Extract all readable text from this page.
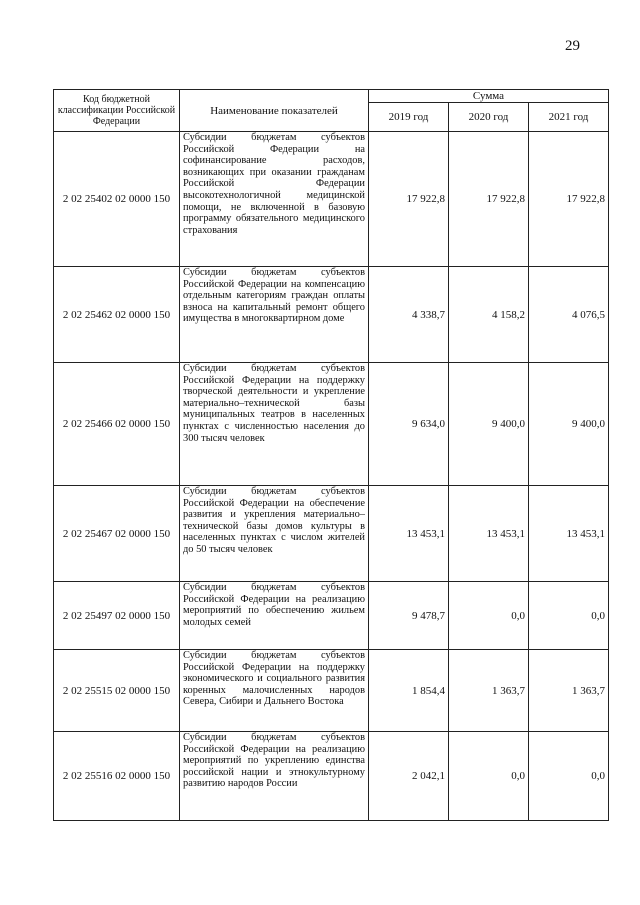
29
Код бюджетной классификации Российской Федерации	Наименование показателей	Сумма		
		2019 год	2020 год	2021 год
2 02 25402 02 0000 150	Субсидии бюджетам субъектов Российской Федерации на софинансирование расходов, возникающих при оказании гражданам Российской Федерации высокотехнологичной медицинской помощи, не включенной в базовую программу обязательного медицинского страхования	17 922,8	17 922,8	17 922,8
2 02 25462 02 0000 150	Субсидии бюджетам субъектов Российской Федерации на компенсацию отдельным категориям граждан оплаты взноса на капитальный ремонт общего имущества в многоквартирном доме	4 338,7	4 158,2	4 076,5
2 02 25466 02 0000 150	Субсидии бюджетам субъектов Российской Федерации на поддержку творческой деятельности и укрепление материально–технической базы муниципальных театров в населенных пунктах с численностью населения до 300 тысяч человек	9 634,0	9 400,0	9 400,0
2 02 25467 02 0000 150	Субсидии бюджетам субъектов Российской Федерации на обеспечение развития и укрепления материально–технической базы домов культуры в населенных пунктах с числом жителей до 50 тысяч человек	13 453,1	13 453,1	13 453,1
2 02 25497 02 0000 150	Субсидии бюджетам субъектов Российской Федерации на реализацию мероприятий по обеспечению жильем молодых семей	9 478,7	0,0	0,0
2 02 25515 02 0000 150	Субсидии бюджетам субъектов Российской Федерации на поддержку экономического и социального развития коренных малочисленных народов Севера, Сибири и Дальнего Востока	1 854,4	1 363,7	1 363,7
2 02 25516 02 0000 150	Субсидии бюджетам субъектов Российской Федерации на реализацию мероприятий по укреплению единства российской нации и этнокультурному развитию народов России	2 042,1	0,0	0,0
